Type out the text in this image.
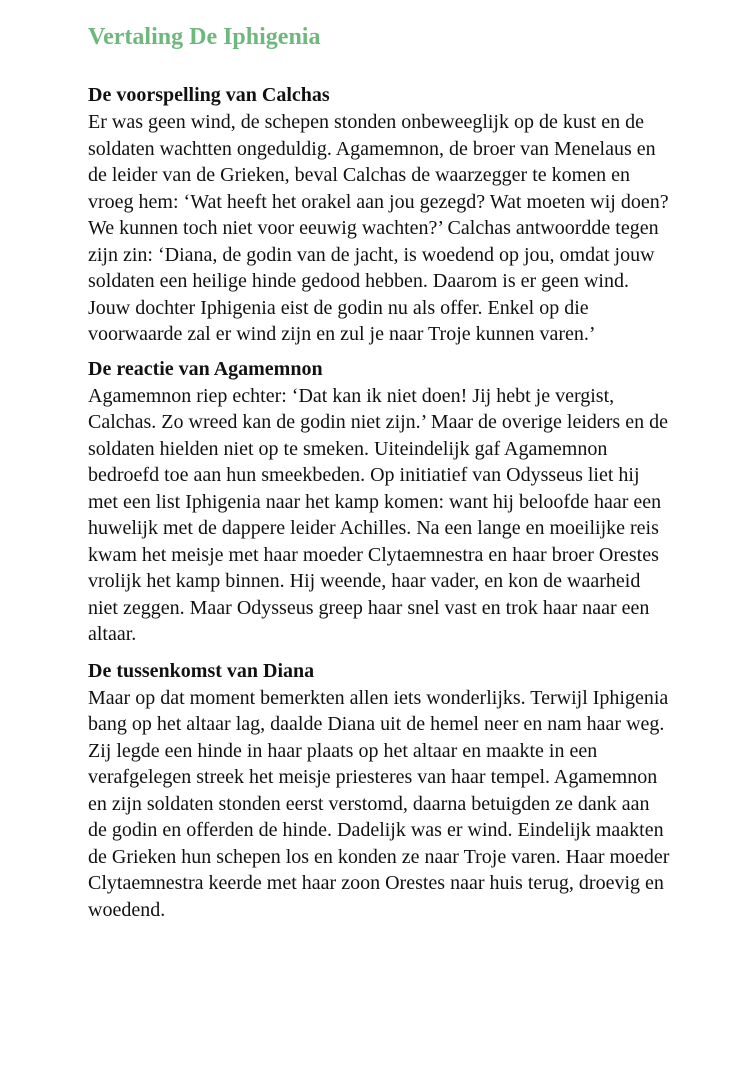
Vertaling De Iphigenia
De voorspelling van Calchas

Er was geen wind, de schepen stonden onbeweeglijk op de kust en de soldaten wachtten ongeduldig. Agamemnon, de broer van Menelaus en de leider van de Grieken, beval Calchas de waarzegger te komen en vroeg hem: ‘Wat heeft het orakel aan jou gezegd? Wat moeten wij doen? We kunnen toch niet voor eeuwig wachten?’ Calchas antwoordde tegen zijn zin: ‘Diana, de godin van de jacht, is woedend op jou, omdat jouw soldaten een heilige hinde gedood hebben. Daarom is er geen wind. Jouw dochter Iphigenia eist de godin nu als offer. Enkel op die voorwaarde zal er wind zijn en zul je naar Troje kunnen varen.’

De reactie van Agamemnon

Agamemnon riep echter: ‘Dat kan ik niet doen! Jij hebt je vergist, Calchas. Zo wreed kan de godin niet zijn.’ Maar de overige leiders en de soldaten hielden niet op te smeken. Uiteindelijk gaf Agamemnon bedroefd toe aan hun smeekbeden. Op initiatief van Odysseus liet hij met een list Iphigenia naar het kamp komen: want hij beloofde haar een huwelijk met de dappere leider Achilles. Na een lange en moeilijke reis kwam het meisje met haar moeder Clytaemnestra en haar broer Orestes vrolijk het kamp binnen. Hij weende, haar vader, en kon de waarheid niet zeggen. Maar Odysseus greep haar snel vast en trok haar naar een altaar.

De tussenkomst van Diana

Maar op dat moment bemerkten allen iets wonderlijks. Terwijl Iphigenia bang op het altaar lag, daalde Diana uit de hemel neer en nam haar weg. Zij legde een hinde in haar plaats op het altaar en maakte in een verafgelegen streek het meisje priesteres van haar tempel. Agamemnon en zijn soldaten stonden eerst verstomd, daarna betuigden ze dank aan de godin en offerden de hinde. Dadelijk was er wind. Eindelijk maakten de Grieken hun schepen los en konden ze naar Troje varen. Haar moeder Clytaemnestra keerde met haar zoon Orestes naar huis terug, droevig en woedend.
